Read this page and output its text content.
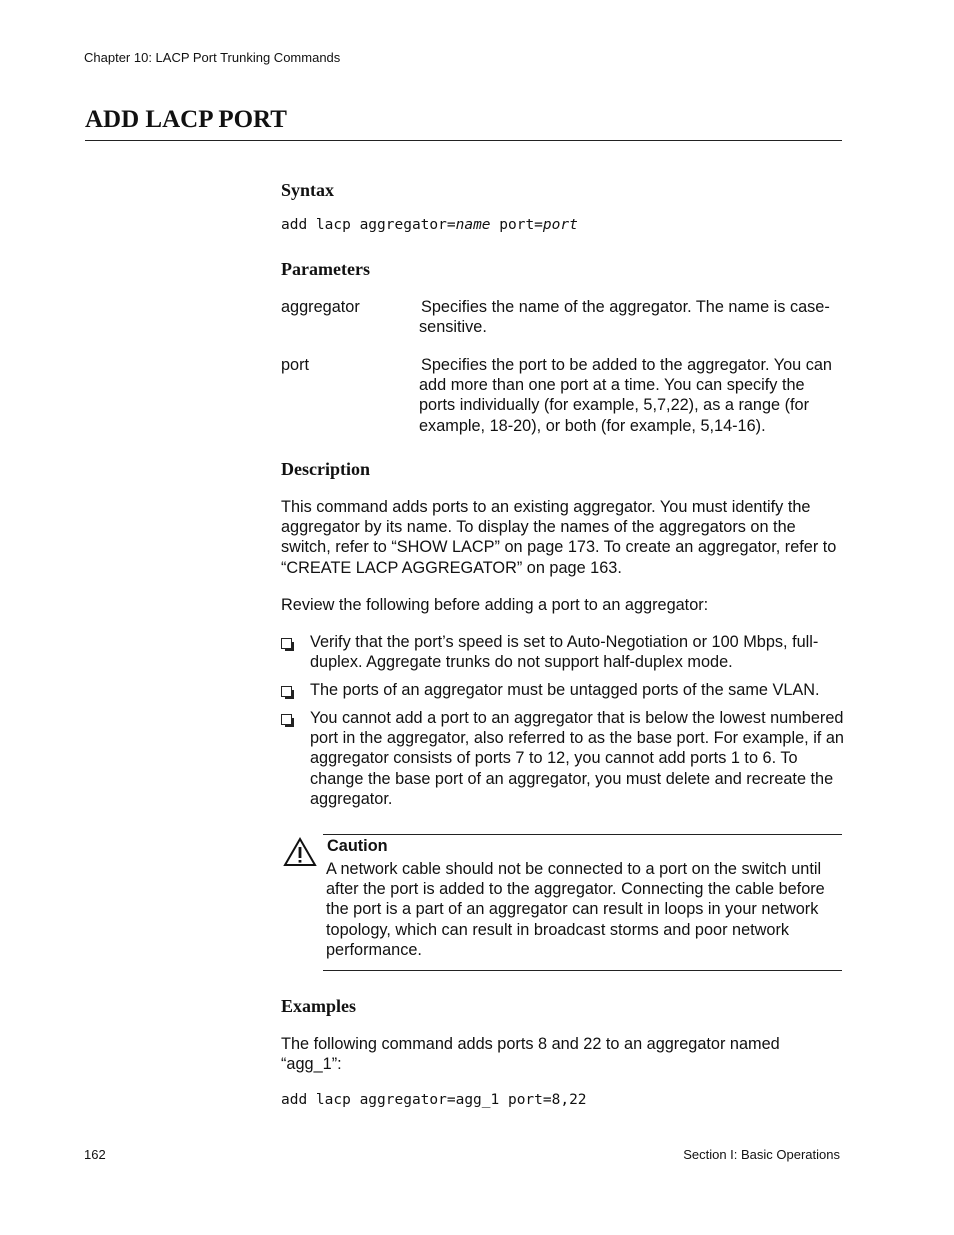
Chapter 10: LACP Port Trunking Commands
ADD LACP PORT
Syntax
add lacp aggregator=name port=port
Parameters
aggregator	Specifies the name of the aggregator. The name is case-sensitive.
port	Specifies the port to be added to the aggregator. You can add more than one port at a time. You can specify the ports individually (for example, 5,7,22), as a range (for example, 18-20), or both (for example, 5,14-16).
Description
This command adds ports to an existing aggregator. You must identify the aggregator by its name. To display the names of the aggregators on the switch, refer to “SHOW LACP” on page 173. To create an aggregator, refer to “CREATE LACP AGGREGATOR” on page 163.
Review the following before adding a port to an aggregator:
Verify that the port’s speed is set to Auto-Negotiation or 100 Mbps, full-duplex. Aggregate trunks do not support half-duplex mode.
The ports of an aggregator must be untagged ports of the same VLAN.
You cannot add a port to an aggregator that is below the lowest numbered port in the aggregator, also referred to as the base port. For example, if an aggregator consists of ports 7 to 12, you cannot add ports 1 to 6. To change the base port of an aggregator, you must delete and recreate the aggregator.
Caution
A network cable should not be connected to a port on the switch until after the port is added to the aggregator. Connecting the cable before the port is a part of an aggregator can result in loops in your network topology, which can result in broadcast storms and poor network performance.
Examples
The following command adds ports 8 and 22 to an aggregator named “agg_1”:
add lacp aggregator=agg_1 port=8,22
162	Section I: Basic Operations
